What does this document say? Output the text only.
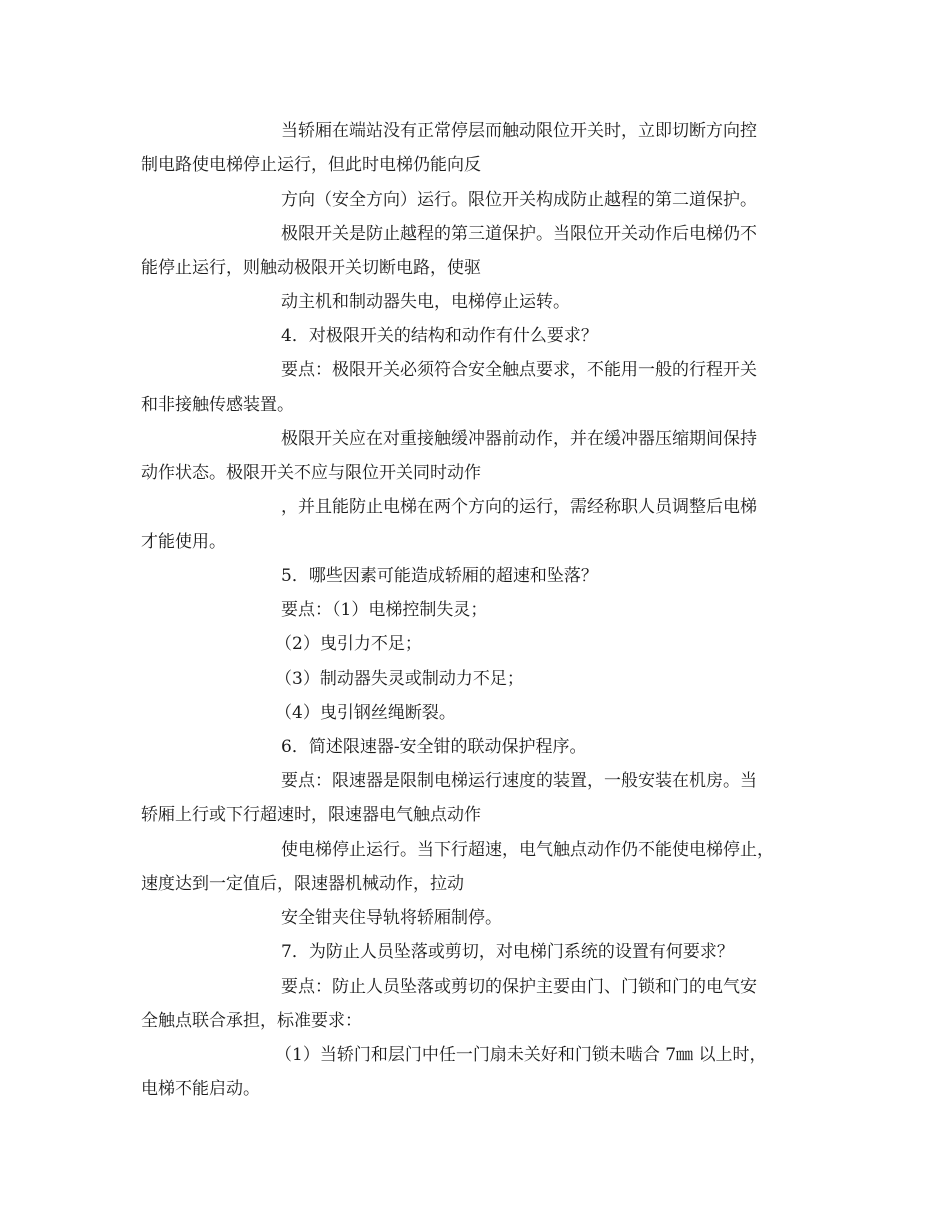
当轿厢在端站没有正常停层而触动限位开关时，立即切断方向控
制电路使电梯停止运行，但此时电梯仍能向反
方向（安全方向）运行。限位开关构成防止越程的第二道保护。
极限开关是防止越程的第三道保护。当限位开关动作后电梯仍不
能停止运行，则触动极限开关切断电路，使驱
动主机和制动器失电，电梯停止运转。
4．对极限开关的结构和动作有什么要求？
要点：极限开关必须符合安全触点要求，不能用一般的行程开关
和非接触传感装置。
极限开关应在对重接触缓冲器前动作，并在缓冲器压缩期间保持
动作状态。极限开关不应与限位开关同时动作
，并且能防止电梯在两个方向的运行，需经称职人员调整后电梯
才能使用。
5．哪些因素可能造成轿厢的超速和坠落？
要点：（1）电梯控制失灵；
（2）曳引力不足；
（3）制动器失灵或制动力不足；
（4）曳引钢丝绳断裂。
6．简述限速器-安全钳的联动保护程序。
要点：限速器是限制电梯运行速度的装置，一般安装在机房。当
轿厢上行或下行超速时，限速器电气触点动作
使电梯停止运行。当下行超速，电气触点动作仍不能使电梯停止，
速度达到一定值后，限速器机械动作，拉动
安全钳夹住导轨将轿厢制停。
7．为防止人员坠落或剪切，对电梯门系统的设置有何要求？
要点：防止人员坠落或剪切的保护主要由门、门锁和门的电气安
全触点联合承担，标准要求：
（1）当轿门和层门中任一门扇未关好和门锁未啮合 7㎜ 以上时，
电梯不能启动。
